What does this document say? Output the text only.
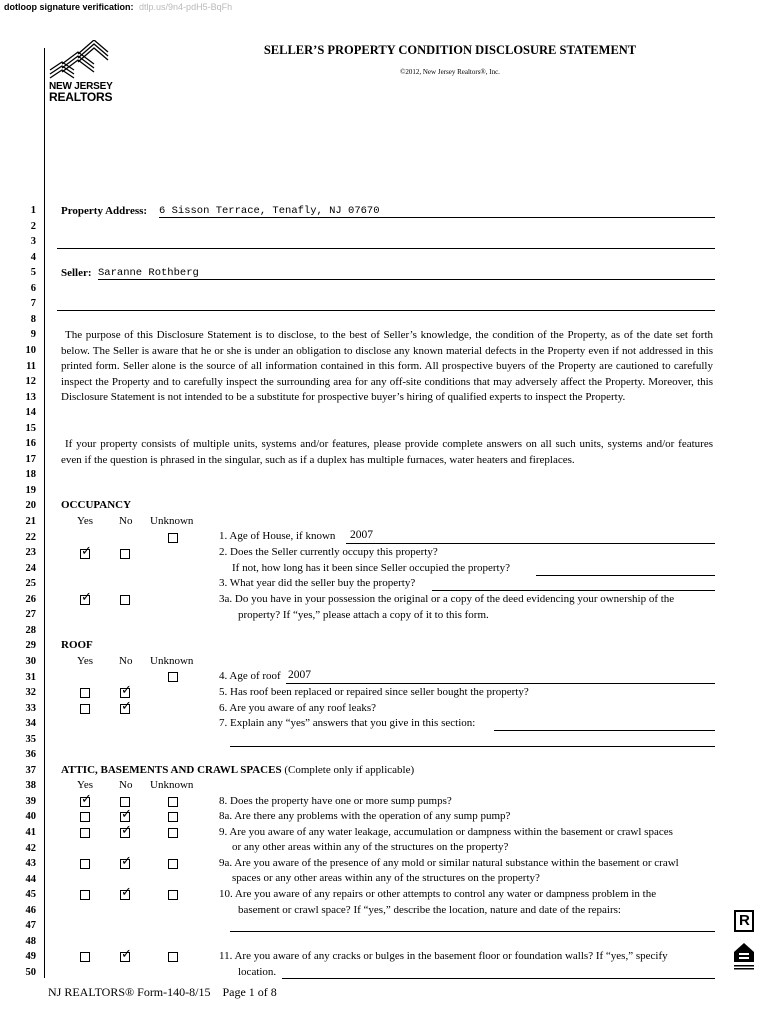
dotloop signature verification: dtlp.us/9n4-pdH5-BqFh
NEW JERSEY
REALTORS
SELLER’S PROPERTY CONDITION DISCLOSURE STATEMENT
©2012, New Jersey Realtors®, Inc.
1
2
3
4
5
6
7
8
9
10
11
12
13
14
15
16
17
18
19
20
21
22
23
24
25
26
27
28
29
30
31
32
33
34
35
36
37
38
39
40
41
42
43
44
45
46
47
48
49
50
Property Address: 6 Sisson Terrace, Tenafly, NJ 07670
Seller: Saranne Rothberg
The purpose of this Disclosure Statement is to disclose, to the best of Seller’s knowledge, the condition of the Property, as of the date set forth below. The Seller is aware that he or she is under an obligation to disclose any known material defects in the Property even if not addressed in this printed form. Seller alone is the source of all information contained in this form. All prospective buyers of the Property are cautioned to carefully inspect the Property and to carefully inspect the surrounding area for any off-site conditions that may adversely affect the Property. Moreover, this Disclosure Statement is not intended to be a substitute for prospective buyer’s hiring of qualified experts to inspect the Property.
If your property consists of multiple units, systems and/or features, please provide complete answers on all such units, systems and/or features even if the question is phrased in the singular, such as if a duplex has multiple furnaces, water heaters and fireplaces.
OCCUPANCY
Yes No Unknown
1. Age of House, if known 2007
2. Does the Seller currently occupy this property?
If not, how long has it been since Seller occupied the property?
3. What year did the seller buy the property?
3a. Do you have in your possession the original or a copy of the deed evidencing your ownership of the
property? If “yes,” please attach a copy of it to this form.
ROOF
Yes No Unknown
4. Age of roof 2007
5. Has roof been replaced or repaired since seller bought the property?
6. Are you aware of any roof leaks?
7. Explain any “yes” answers that you give in this section:
ATTIC, BASEMENTS AND CRAWL SPACES (Complete only if applicable)
Yes No Unknown
8. Does the property have one or more sump pumps?
8a. Are there any problems with the operation of any sump pump?
9. Are you aware of any water leakage, accumulation or dampness within the basement or crawl spaces
or any other areas within any of the structures on the property?
9a. Are you aware of the presence of any mold or similar natural substance within the basement or crawl
spaces or any other areas within any of the structures on the property?
10. Are you aware of any repairs or other attempts to control any water or dampness problem in the
basement or crawl space? If “yes,” describe the location, nature and date of the repairs:
11. Are you aware of any cracks or bulges in the basement floor or foundation walls? If “yes,” specify
location.
✓
✓
✓
✓
✓
✓
✓
✓
✓
✓
R
NJ REALTORS® Form-140-8/15 Page 1 of 8
